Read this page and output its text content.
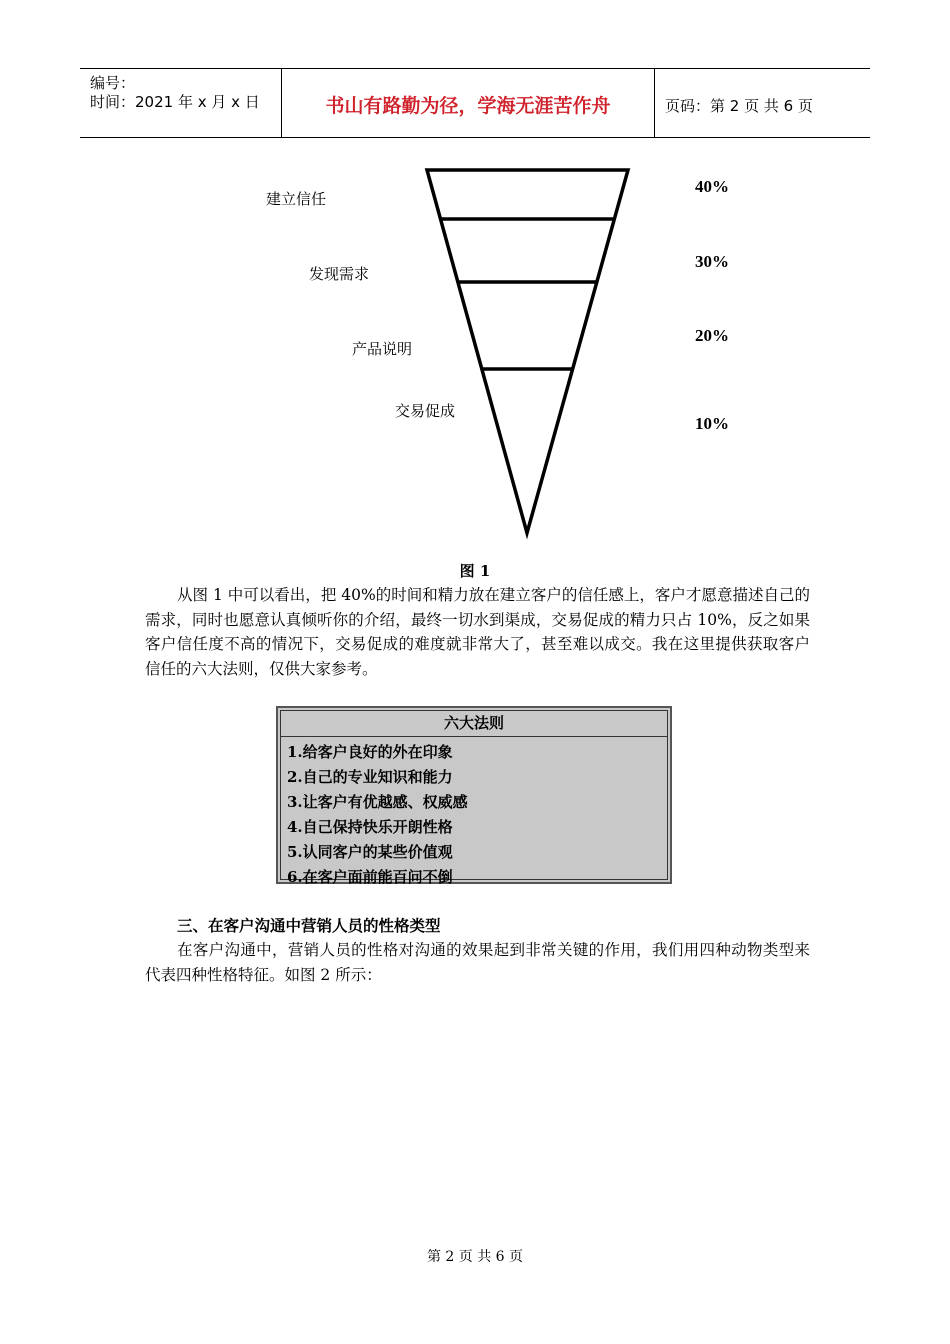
编号：
时间：2021 年 x 月 x 日	书山有路勤为径，学海无涯苦作舟	页码：第 2 页 共 6 页
建立信任
发现需求
产品说明
交易促成
40%
30%
20%
10%
图 1
从图 1 中可以看出，把 40%的时间和精力放在建立客户的信任感上，客户才愿意描述自己的需求，同时也愿意认真倾听你的介绍，最终一切水到渠成，交易促成的精力只占 10%，反之如果客户信任度不高的情况下，交易促成的难度就非常大了，甚至难以成交。我在这里提供获取客户信任的六大法则，仅供大家参考。
六大法则
1.给客户良好的外在印象
2.自己的专业知识和能力
3.让客户有优越感、权威感
4.自己保持快乐开朗性格
5.认同客户的某些价值观
6.在客户面前能百问不倒
三、在客户沟通中营销人员的性格类型
在客户沟通中，营销人员的性格对沟通的效果起到非常关键的作用，我们用四种动物类型来代表四种性格特征。如图 2 所示：
第 2 页 共 6 页
